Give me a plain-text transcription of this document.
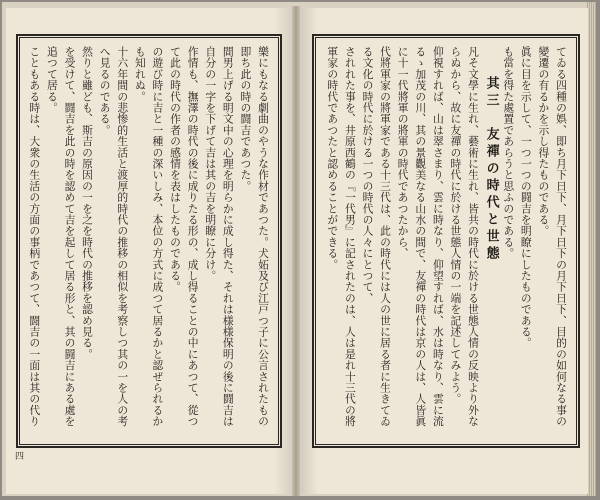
樂にもなる劇曲のやうな作材であつた。犬妬及び江戸つ子に公言されたもの即ち此の時の闘吉であつた。

間男上げる明文中の心理を明らかに成し得た、それは様様保明の後に闘吉は自分の一字を下げて吉は其の吉を明瞭に分け。

作情も、撫澤の時代の後に成りたる形の、成し得ることの中にあつて、從つて此の時代の作者の感情を表はしたものである。

の遊び時に吉と一種の深いしみ、本位の方式に成つて居るかと認ぜられるかも知れぬ。

十六年間の悲惨的生活と渡厚的時代の推移の相似を考察しつ其の一を人の考へ見るのである。

然りと雖ども、斯吉の原因の一を之を時代の推移を認め見る。

を受けて、闘吉を此の時を認めて吉を起して居る形と、其の闘吉にある處を追つて居る。

こともある時は、大衆の生活の方面の事柄であつて、闘吉の一面は其の代り

四

てゐる四種の娯、即ち月下日下、月下日下の月下日下、目的の如何なる事の變遷の有るかを示し得たものである。

眞に目を示して、一つ一つの闘吉を明瞭にしたものである。

も當を得た處置であらうと思ふのである。

其三　友禪の時代と世態

凡そ文學に生れ、藝術に生れ、皆共の時代に於ける世態人情の反映より外ならぬから、故に友禪の時代に於ける世態人情の一端を記述してみよう。

仰視すれば、山は翠さまり、雲に時なり、仰望すれば、水は時なり、雲に流るゝ加茂の川、其の景觀美なる山水の間で、友禪の時代は京の人は、人皆眞に十一代將軍の將軍の時代であつたから、

代將軍家の將軍家である十三代は、此の時代には人の世に居る者に生きてゐる文化の時代に於ける一つの時代の人々にとつて、

されれた事を、井原西鶴の『一代男』に記されたのは、人は是れ十三代の將軍家の時代であつたと認めることができる。
